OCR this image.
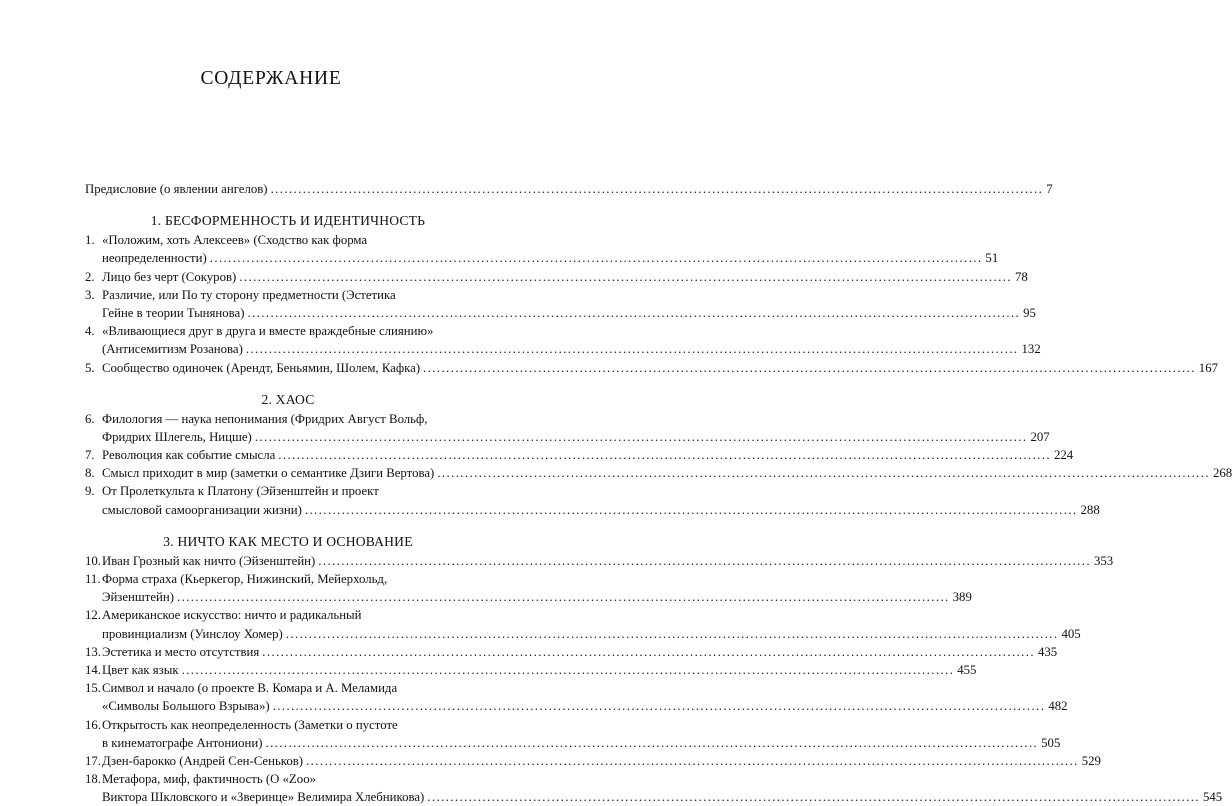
СОДЕРЖАНИЕ
Предисловие (о явлении ангелов) .....	7
1. БЕСФОРМЕННОСТЬ И ИДЕНТИЧНОСТЬ
1. «Положим, хоть Алексеев» (Сходство как форма
неопределенности) .....	51
2. Лицо без черт (Сокуров) .....	78
3. Различие, или По ту сторону предметности (Эстетика
Гейне в теории Тынянова) .....	95
4. «Вливающиеся друг в друга и вместе враждебные слиянию»
(Антисемитизм Розанова) .....	132
5. Сообщество одиночек (Арендт, Беньямин, Шолем, Кафка) .....	167
2. ХАОС
6. Филология — наука непонимания (Фридрих Август Вольф,
Фридрих Шлегель, Ницше) .....	207
7. Революция как событие смысла .....	224
8. Смысл приходит в мир (заметки о семантике Дзиги Вертова) .....	268
9. От Пролеткульта к Платону (Эйзенштейн и проект
смысловой самоорганизации жизни) .....	288
3. НИЧТО КАК МЕСТО И ОСНОВАНИЕ
10. Иван Грозный как ничто (Эйзенштейн) .....	353
11. Форма страха (Кьеркегор, Нижинский, Мейерхольд,
Эйзенштейн) .....	389
12. Американское искусство: ничто и радикальный
провинциализм (Уинслоу Хомер) .....	405
13. Эстетика и место отсутствия .....	435
14. Цвет как язык .....	455
15. Символ и начало (о проекте В. Комара и А. Меламида
«Символы Большого Взрыва») .....	482
16. Открытость как неопределенность (Заметки о пустоте
в кинематографе Антониони) .....	505
17. Дзен-барокко (Андрей Сен-Сеньков) .....	529
18. Метафора, миф, фактичность (О «Zoo»
Виктора Шкловского и «Зверинце» Велимира Хлебникова) .....	545
